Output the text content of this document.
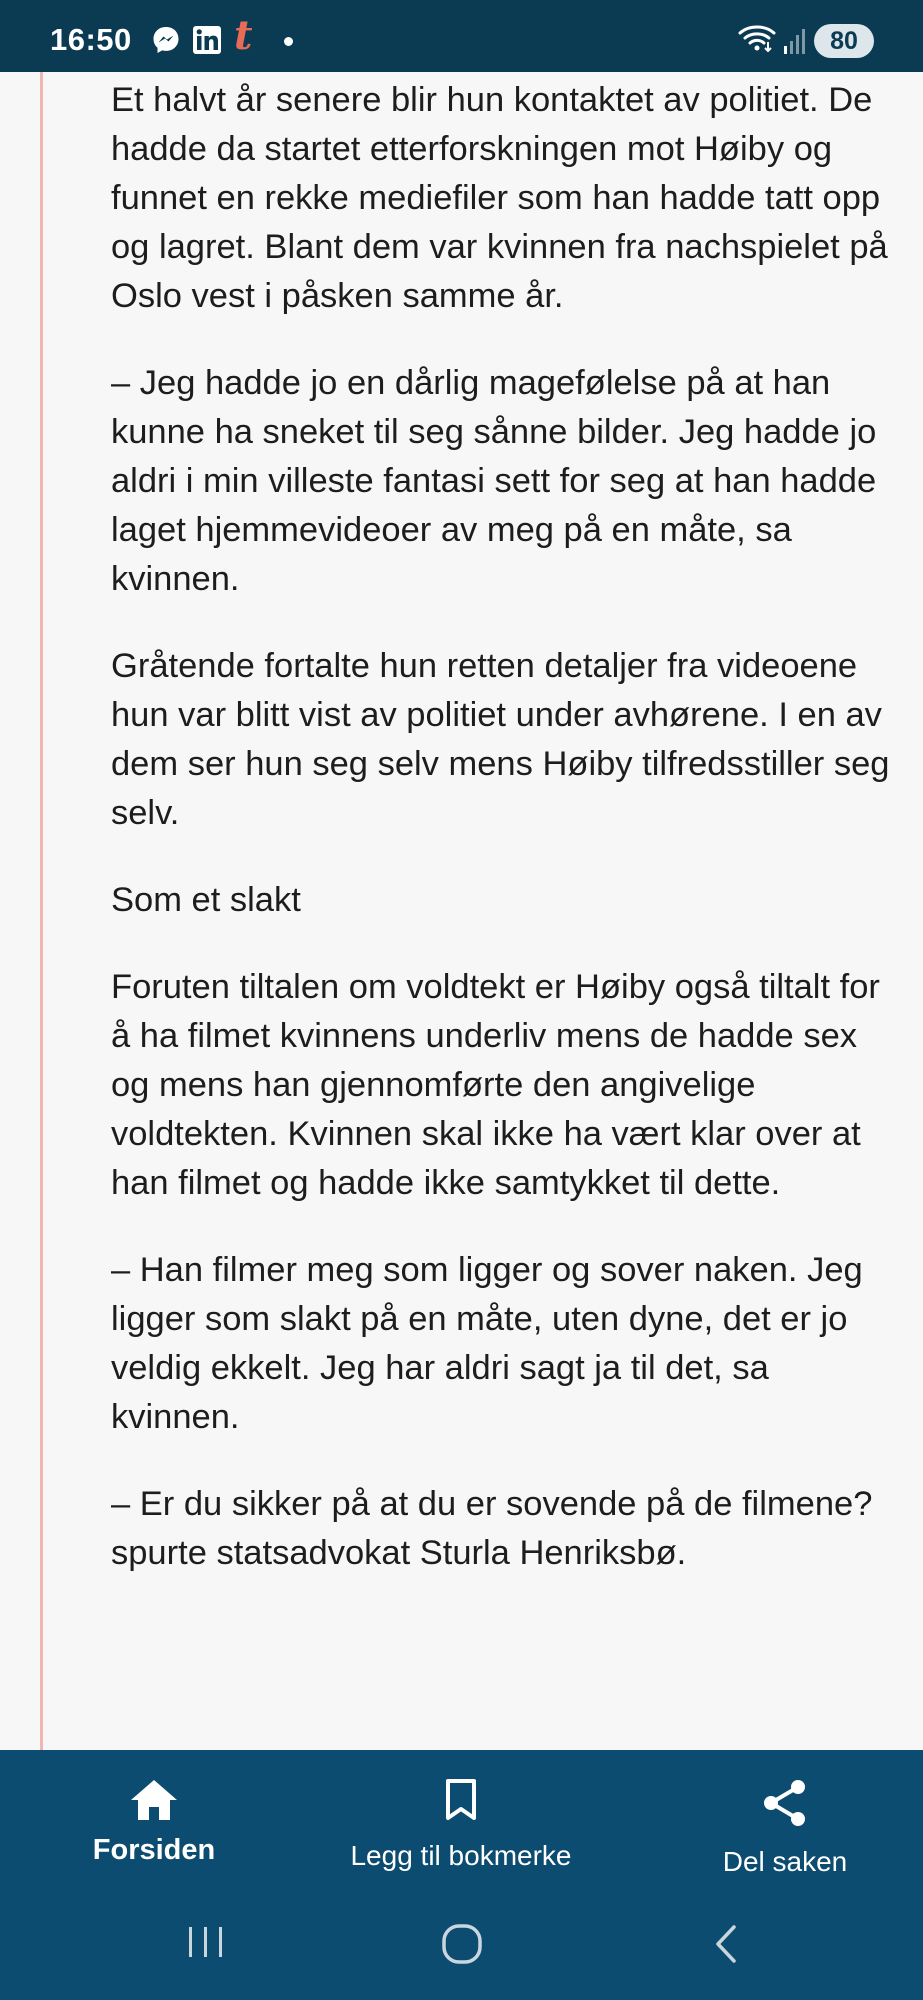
16:50	t	80

Et halvt år senere blir hun kontaktet av politiet. De hadde da startet etterforskningen mot Høiby og funnet en rekke mediefiler som han hadde tatt opp og lagret. Blant dem var kvinnen fra nachspielet på Oslo vest i påsken samme år.

– Jeg hadde jo en dårlig magefølelse på at han kunne ha sneket til seg sånne bilder. Jeg hadde jo aldri i min villeste fantasi sett for seg at han hadde laget hjemmevideoer av meg på en måte, sa kvinnen.

Gråtende fortalte hun retten detaljer fra videoene hun var blitt vist av politiet under avhørene. I en av dem ser hun seg selv mens Høiby tilfredsstiller seg selv.

Som et slakt

Foruten tiltalen om voldtekt er Høiby også tiltalt for å ha filmet kvinnens underliv mens de hadde sex og mens han gjennomførte den angivelige voldtekten. Kvinnen skal ikke ha vært klar over at han filmet og hadde ikke samtykket til dette.

– Han filmer meg som ligger og sover naken. Jeg ligger som slakt på en måte, uten dyne, det er jo veldig ekkelt. Jeg har aldri sagt ja til det, sa kvinnen.

– Er du sikker på at du er sovende på de filmene? spurte statsadvokat Sturla Henriksbø.

Forsiden	Legg til bokmerke	Del saken
